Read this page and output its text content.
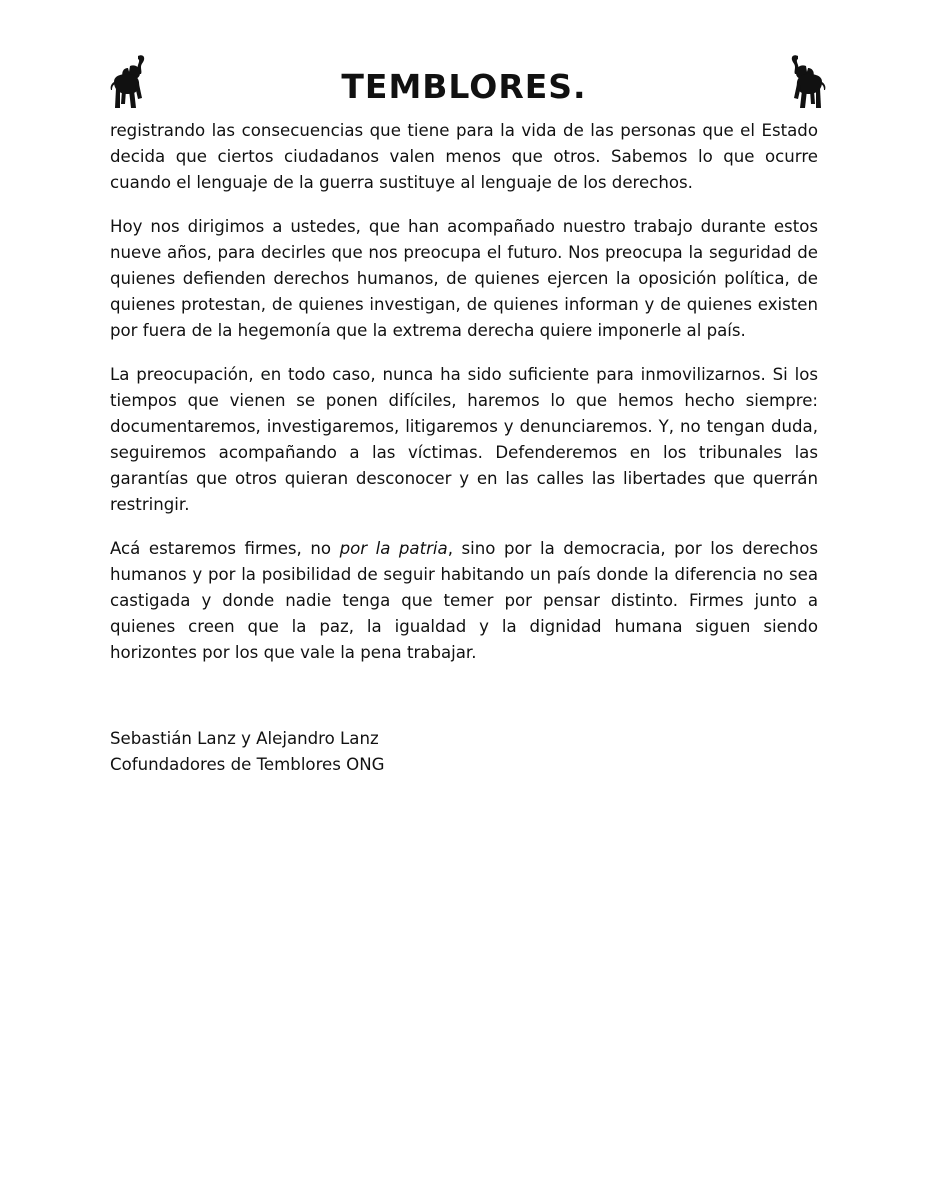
TEMBLORES.

registrando las consecuencias que tiene para la vida de las personas que el Estado decida que ciertos ciudadanos valen menos que otros. Sabemos lo que ocurre cuando el lenguaje de la guerra sustituye al lenguaje de los derechos.

Hoy nos dirigimos a ustedes, que han acompañado nuestro trabajo durante estos nueve años, para decirles que nos preocupa el futuro. Nos preocupa la seguridad de quienes defienden derechos humanos, de quienes ejercen la oposición política, de quienes protestan, de quienes investigan, de quienes informan y de quienes existen por fuera de la hegemonía que la extrema derecha quiere imponerle al país.

La preocupación, en todo caso, nunca ha sido suficiente para inmovilizarnos. Si los tiempos que vienen se ponen difíciles, haremos lo que hemos hecho siempre: documentaremos, investigaremos, litigaremos y denunciaremos. Y, no tengan duda, seguiremos acompañando a las víctimas. Defenderemos en los tribunales las garantías que otros quieran desconocer y en las calles las libertades que querrán restringir.

Acá estaremos firmes, no por la patria, sino por la democracia, por los derechos humanos y por la posibilidad de seguir habitando un país donde la diferencia no sea castigada y donde nadie tenga que temer por pensar distinto. Firmes junto a quienes creen que la paz, la igualdad y la dignidad humana siguen siendo horizontes por los que vale la pena trabajar.

Sebastián Lanz y Alejandro Lanz
Cofundadores de Temblores ONG
